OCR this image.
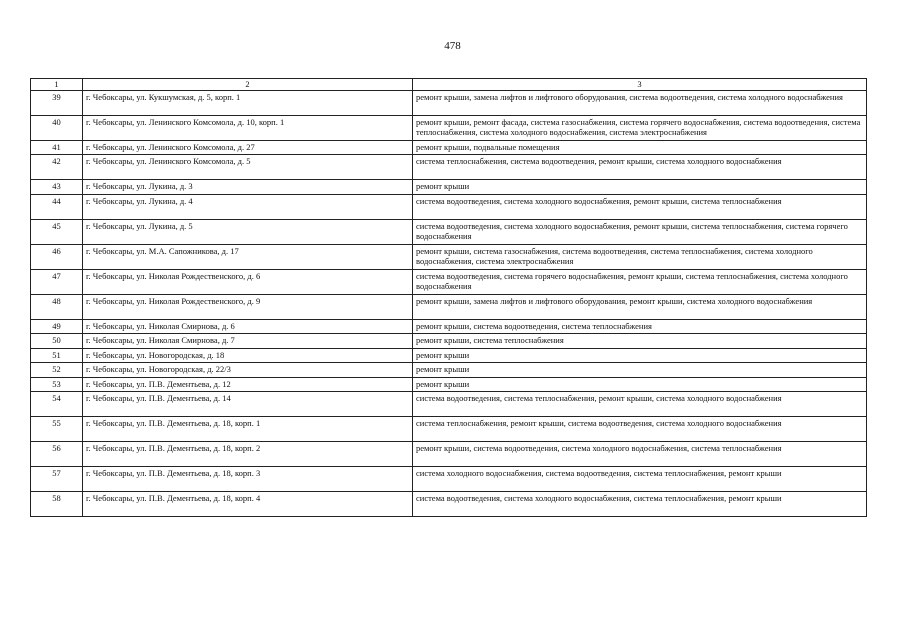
478
1	2	3
39	г. Чебоксары, ул. Кукшумская, д. 5, корп. 1	ремонт крыши, замена лифтов и лифтового оборудования, система водоотведения, система холодного водоснабжения
40	г. Чебоксары, ул. Ленинского Комсомола, д. 10, корп. 1	ремонт крыши, ремонт фасада, система газоснабжения, система горячего водоснабжения, система водоотведения, система теплоснабжения, система холодного водоснабжения, система электроснабжения
41	г. Чебоксары, ул. Ленинского Комсомола, д. 27	ремонт крыши, подвальные помещения
42	г. Чебоксары, ул. Ленинского Комсомола, д. 5	система теплоснабжения, система водоотведения, ремонт крыши, система холодного водоснабжения
43	г. Чебоксары, ул. Лукина, д. 3	ремонт крыши
44	г. Чебоксары, ул. Лукина, д. 4	система водоотведения, система холодного водоснабжения, ремонт крыши, система теплоснабжения
45	г. Чебоксары, ул. Лукина, д. 5	система водоотведения, система холодного водоснабжения, ремонт крыши, система теплоснабжения, система горячего водоснабжения
46	г. Чебоксары, ул. М.А. Сапожникова, д. 17	ремонт крыши, система газоснабжения, система водоотведения, система теплоснабжения, система холодного водоснабжения, система электроснабжения
47	г. Чебоксары, ул. Николая Рождественского, д. 6	система водоотведения, система горячего водоснабжения, ремонт крыши, система теплоснабжения, система холодного водоснабжения
48	г. Чебоксары, ул. Николая Рождественского, д. 9	ремонт крыши, замена лифтов и лифтового оборудования, ремонт крыши, система холодного водоснабжения
49	г. Чебоксары, ул. Николая Смирнова, д. 6	ремонт крыши, система водоотведения, система теплоснабжения
50	г. Чебоксары, ул. Николая Смирнова, д. 7	ремонт крыши, система теплоснабжения
51	г. Чебоксары, ул. Новогородская, д. 18	ремонт крыши
52	г. Чебоксары, ул. Новогородская, д. 22/3	ремонт крыши
53	г. Чебоксары, ул. П.В. Дементьева, д. 12	ремонт крыши
54	г. Чебоксары, ул. П.В. Дементьева, д. 14	система водоотведения, система теплоснабжения, ремонт крыши, система холодного водоснабжения
55	г. Чебоксары, ул. П.В. Дементьева, д. 18, корп. 1	система теплоснабжения, ремонт крыши, система водоотведения, система холодного водоснабжения
56	г. Чебоксары, ул. П.В. Дементьева, д. 18, корп. 2	ремонт крыши, система водоотведения, система холодного водоснабжения, система теплоснабжения
57	г. Чебоксары, ул. П.В. Дементьева, д. 18, корп. 3	система холодного водоснабжения, система водоотведения, система теплоснабжения, ремонт крыши
58	г. Чебоксары, ул. П.В. Дементьева, д. 18, корп. 4	система водоотведения, система холодного водоснабжения, система теплоснабжения, ремонт крыши
